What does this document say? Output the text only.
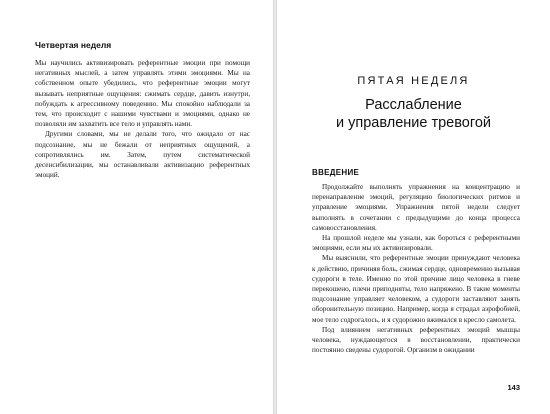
Четвертая неделя

Мы научились активизировать референтные эмоции при помощи негативных мыслей, а затем управлять этими эмоциями. Мы на собственном опыте убедились, что референтные эмоции могут вызывать неприятные ощущения: сжимать сердце, давить изнутри, побуждать к агрессивному поведению. Мы спокойно наблюдали за тем, что происходит с нашими чувствами и эмоциями, однако не позволяли им захватить все тело и управлять нами.

Другими словами, мы не делали того, что ожидало от нас подсознание, мы не бежали от неприятных ощущений, а сопротивлялись им. Затем, путем систематической десенсибилизации, мы останавливали активизацию референтных эмоций.

ПЯТАЯ НЕДЕЛЯ
Расслабление
и управление тревогой
ВВЕДЕНИЕ

Продолжайте выполнять упражнения на концентрацию и перенаправление эмоций, регуляцию биологических ритмов и управление эмоциями. Упражнения пятой недели следует выполнять в сочетании с предыдущими до конца процесса самовосстановления.

На прошлой неделе мы узнали, как бороться с референтными эмоциями, если мы их активизировали.

Мы выяснили, что референтные эмоции принуждают человека к действию, причиняя боль, сжимая сердце, одновременно вызывая судороги в теле. Именно по этой причине лицо человека в гневе перекошено, плечи приподняты, тело напряжено. В такие моменты подсознание управляет человеком, а судороги заставляют занять оборонительную позицию. Например, когда я страдал аэрофобией, мое тело содрогалось, и я судорожно вжимался в кресло самолета.

Под влиянием негативных референтных эмоций мышцы человека, нуждающегося в восстановлении, практически постоянно сведены судорогой. Организм в ожидании

143
